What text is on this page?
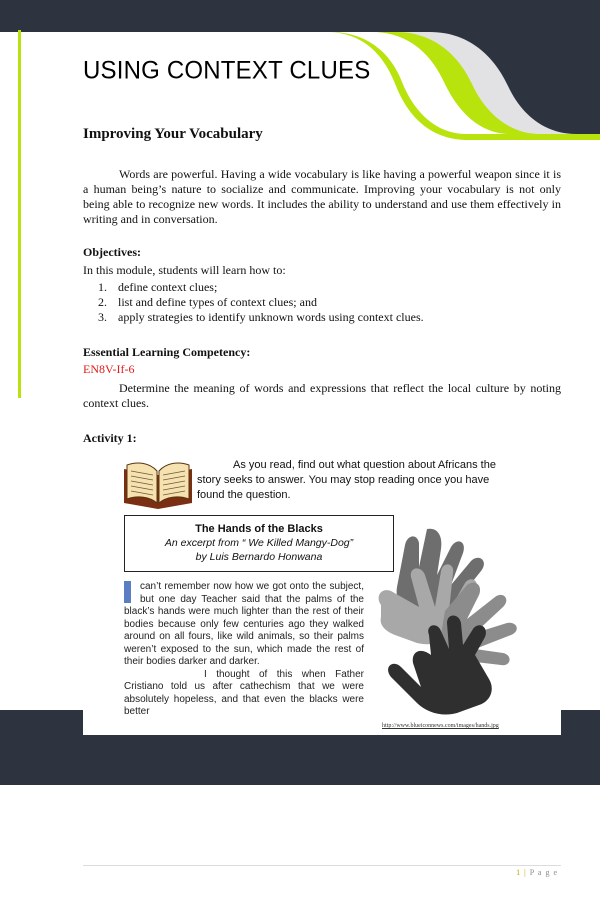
USING CONTEXT CLUES
Improving Your Vocabulary

Words are powerful. Having a wide vocabulary is like having a powerful weapon since it is a human being’s nature to socialize and communicate. Improving your vocabulary is not only being able to recognize new words. It includes the ability to understand and use them effectively in writing and in conversation.

Objectives:
In this module, students will learn how to:
1. define context clues;
2. list and define types of context clues; and
3. apply strategies to identify unknown words using context clues.
Essential Learning Competency:
EN8V-If-6

Determine the meaning of words and expressions that reflect the local culture by noting context clues.

Activity 1:

As you read, find out what question about Africans the story seeks to answer. You may stop reading once you have found the question.

The Hands of the Blacks
An excerpt from “ We Killed Mangy-Dog”
by Luis Bernardo Honwana

can’t remember now how we got onto the subject, but one day Teacher said that the palms of the black’s hands were much lighter than the rest of their bodies because only few centuries ago they walked around on all fours, like wild animals, so their palms weren’t exposed to the sun, which made the rest of their bodies darker and darker.

I thought of this when Father Cristiano told us after cathechism that we were absolutely hopeless, and that even the blacks were better

http://www.blueiconnews.com/images/hands.jpg
1 | P a g e
